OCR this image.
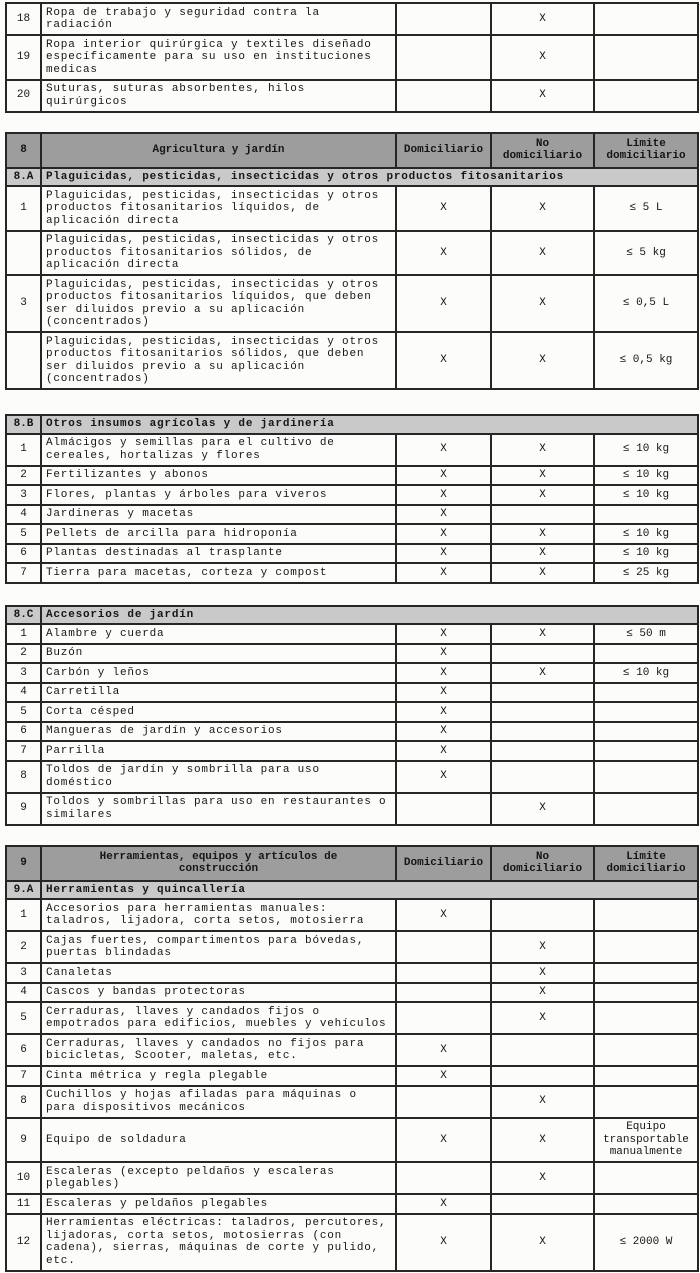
18	Ropa de trabajo y seguridad contra la radiación		X	
19	Ropa interior quirúrgica y textiles diseñado específicamente para su uso en instituciones medicas		X	
20	Suturas, suturas absorbentes, hilos quirúrgicos		X	
8	Agricultura y jardín	Domiciliario	No domiciliario	Límite domiciliario
8.A	Plaguicidas, pesticidas, insecticidas y otros productos fitosanitarios			
1	Plaguicidas, pesticidas, insecticidas y otros productos fitosanitarios líquidos, de aplicación directa	X	X	≤ 5 L
	Plaguicidas, pesticidas, insecticidas y otros productos fitosanitarios sólidos, de aplicación directa	X	X	≤ 5 kg
3	Plaguicidas, pesticidas, insecticidas y otros productos fitosanitarios líquidos, que deben ser diluidos previo a su aplicación (concentrados)	X	X	≤ 0,5 L
	Plaguicidas, pesticidas, insecticidas y otros productos fitosanitarios sólidos, que deben ser diluidos previo a su aplicación (concentrados)	X	X	≤ 0,5 kg
8.B	Otros insumos agrícolas y de jardinería			
1	Almácigos y semillas para el cultivo de cereales, hortalizas y flores	X	X	≤ 10 kg
2	Fertilizantes y abonos	X	X	≤ 10 kg
3	Flores, plantas y árboles para viveros	X	X	≤ 10 kg
4	Jardineras y macetas	X		
5	Pellets de arcilla para hidroponía	X	X	≤ 10 kg
6	Plantas destinadas al trasplante	X	X	≤ 10 kg
7	Tierra para macetas, corteza y compost	X	X	≤ 25 kg
8.C	Accesorios de jardín			
1	Alambre y cuerda	X	X	≤ 50 m
2	Buzón	X		
3	Carbón y leños	X	X	≤ 10 kg
4	Carretilla	X		
5	Corta césped	X		
6	Mangueras de jardín y accesorios	X		
7	Parrilla	X		
8	Toldos de jardín y sombrilla para uso doméstico	X		
9	Toldos y sombrillas para uso en restaurantes o similares		X	
9	Herramientas, equipos y artículos de construcción	Domiciliario	No domiciliario	Límite domiciliario
9.A	Herramientas y quincallería			
1	Accesorios para herramientas manuales: taladros, lijadora, corta setos, motosierra	X		
2	Cajas fuertes, compartimentos para bóvedas, puertas blindadas		X	
3	Canaletas		X	
4	Cascos y bandas protectoras		X	
5	Cerraduras, llaves y candados fijos o empotrados para edificios, muebles y vehículos		X	
6	Cerraduras, llaves y candados no fijos para bicicletas, Scooter, maletas, etc.	X		
7	Cinta métrica y regla plegable	X		
8	Cuchillos y hojas afiladas para máquinas o para dispositivos mecánicos		X	
9	Equipo de soldadura	X	X	Equipo transportable manualmente
10	Escaleras (excepto peldaños y escaleras plegables)		X	
11	Escaleras y peldaños plegables	X		
12	Herramientas eléctricas: taladros, percutores, lijadoras, corta setos, motosierras (con cadena), sierras, máquinas de corte y pulido, etc.	X	X	≤ 2000 W
